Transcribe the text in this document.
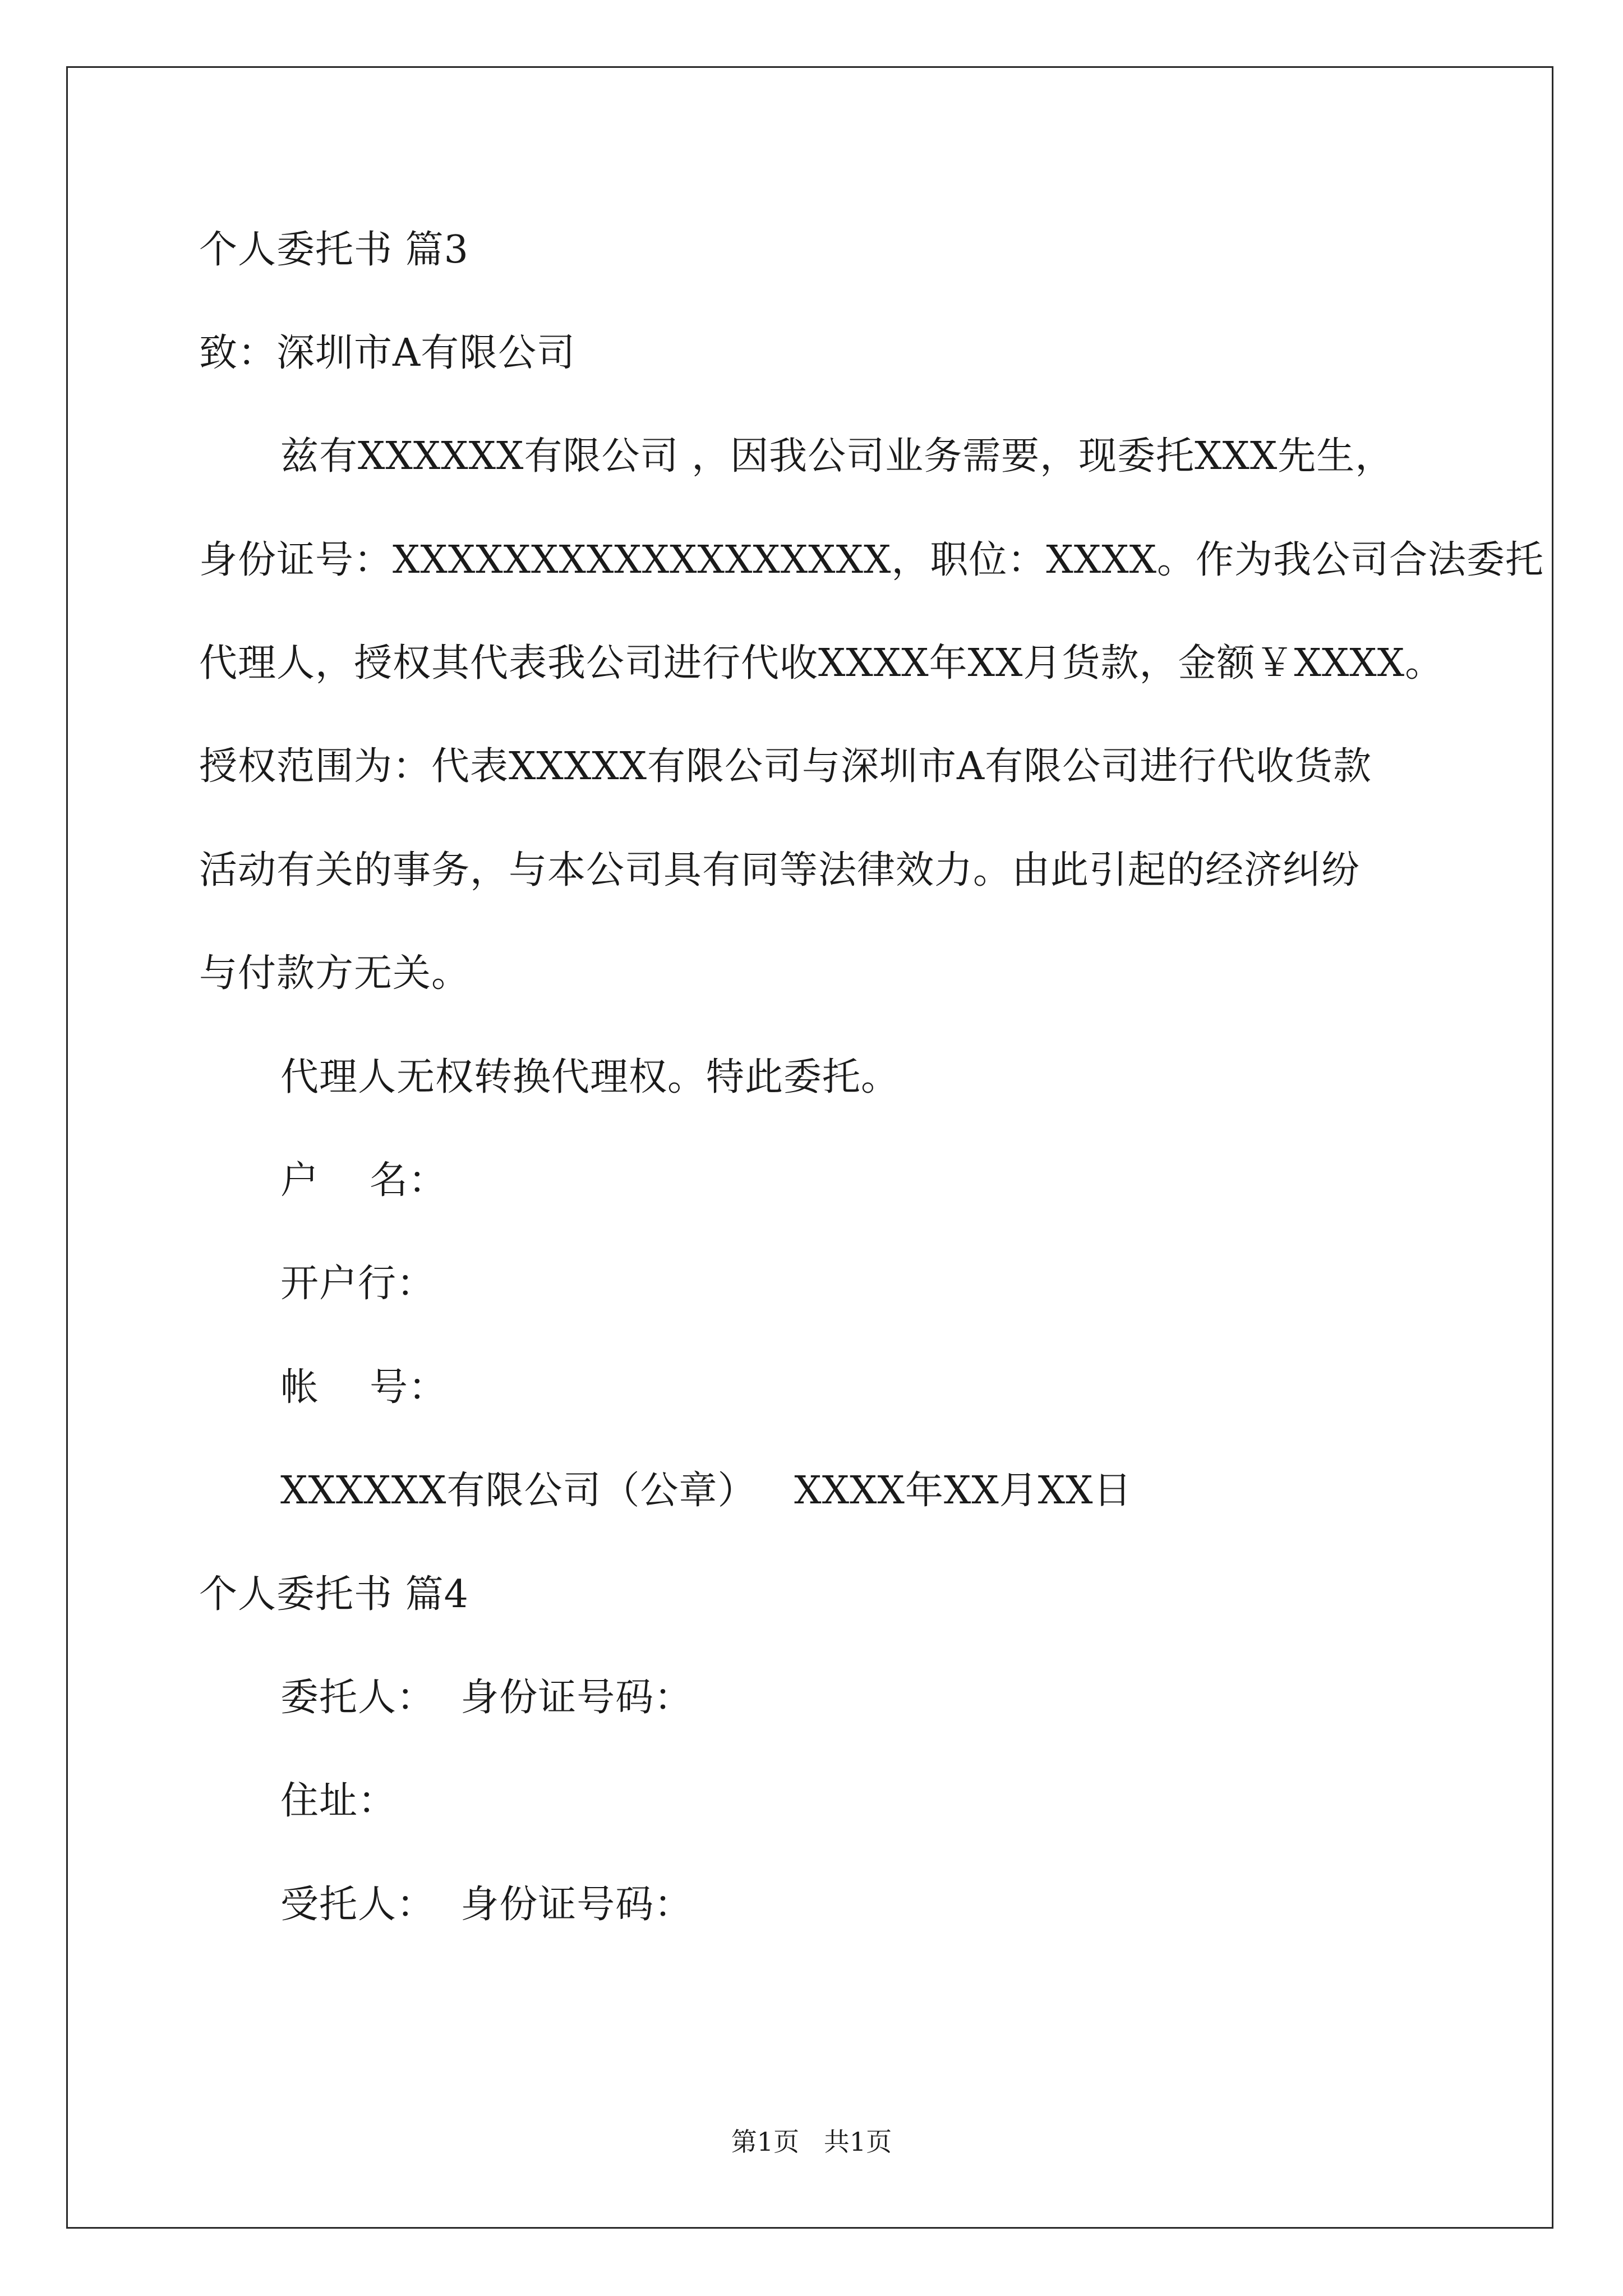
个人委托书 篇3
致：深圳市A有限公司
兹有XXXXXX有限公司 ，因我公司业务需要，现委托XXX先生，
身份证号：XXXXXXXXXXXXXXXXXX，职位：XXXX。作为我公司合法委托
代理人，授权其代表我公司进行代收XXXX年XX月货款，金额￥XXXX。
授权范围为：代表XXXXX有限公司与深圳市A有限公司进行代收货款
活动有关的事务，与本公司具有同等法律效力。由此引起的经济纠纷
与付款方无关。
代理人无权转换代理权。特此委托。
户 名：
开户行：
帐 号：
XXXXXX有限公司（公章）   XXXX年XX月XX日
个人委托书 篇4
委托人：  身份证号码：
住址：
受托人：  身份证号码：
第1页   共1页
